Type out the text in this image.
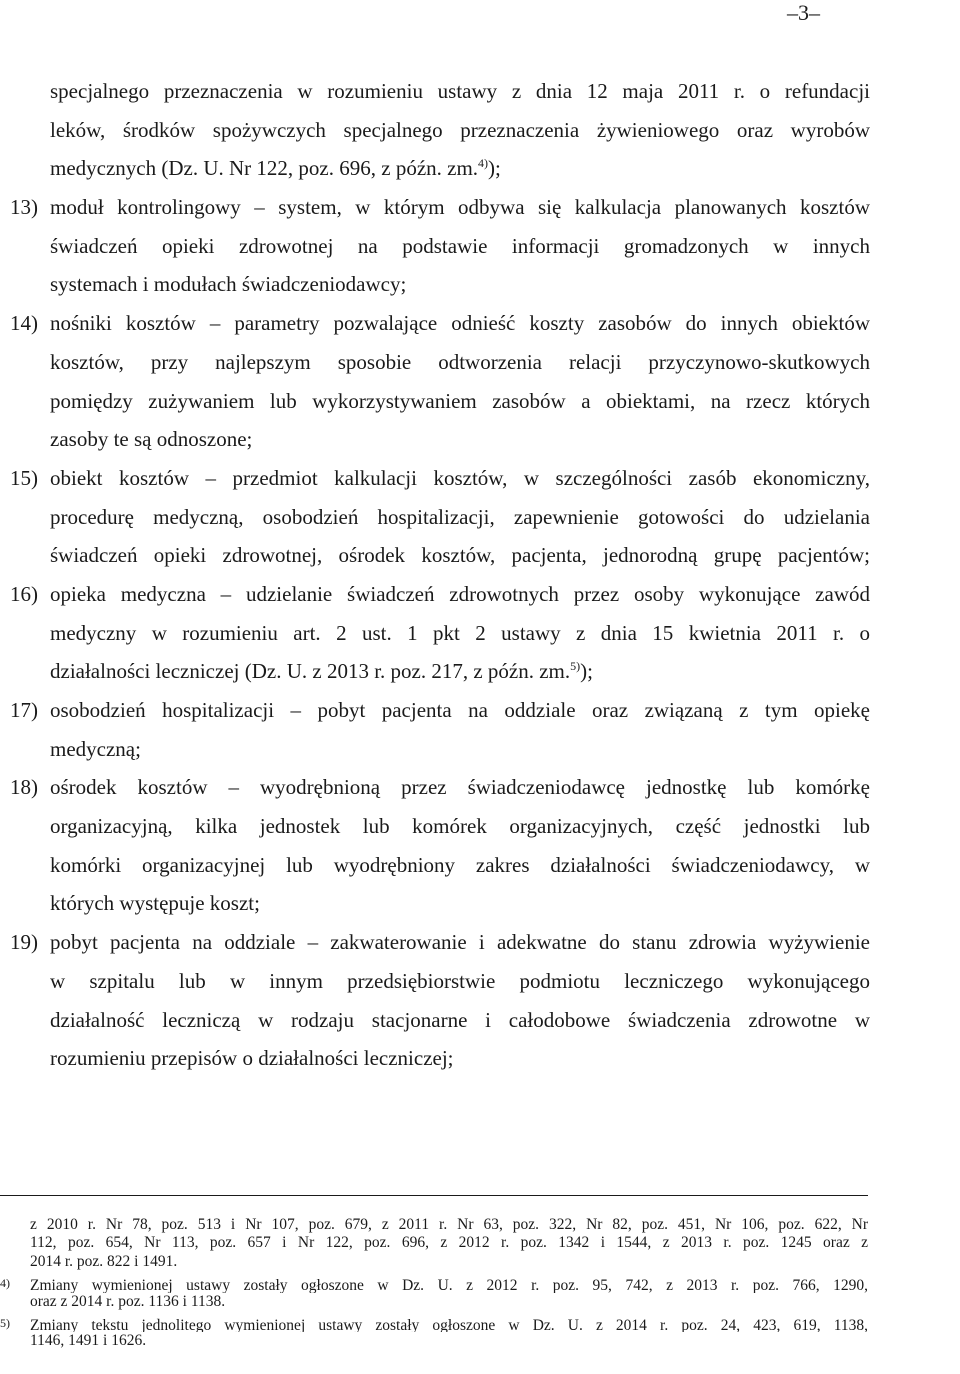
–3–
specjalnego przeznaczenia w rozumieniu ustawy z dnia 12 maja 2011 r. o refundacji
leków, środków spożywczych specjalnego przeznaczenia żywieniowego oraz wyrobów
medycznych (Dz. U. Nr 122, poz. 696, z późn. zm.$^{4)}$);
13) moduł kontrolingowy – system, w którym odbywa się kalkulacja planowanych kosztów
świadczeń opieki zdrowotnej na podstawie informacji gromadzonych w innych
systemach i modułach świadczeniodawcy;
14) nośniki kosztów – parametry pozwalające odnieść koszty zasobów do innych obiektów
kosztów, przy najlepszym sposobie odtworzenia relacji przyczynowo-skutkowych
pomiędzy zużywaniem lub wykorzystywaniem zasobów a obiektami, na rzecz których
zasoby te są odnoszone;
15) obiekt kosztów – przedmiot kalkulacji kosztów, w szczególności zasób ekonomiczny,
procedurę medyczną, osobodzień hospitalizacji, zapewnienie gotowości do udzielania
świadczeń opieki zdrowotnej, ośrodek kosztów, pacjenta, jednorodną grupę pacjentów;
16) opieka medyczna – udzielanie świadczeń zdrowotnych przez osoby wykonujące zawód
medyczny w rozumieniu art. 2 ust. 1 pkt 2 ustawy z dnia 15 kwietnia 2011 r. o
działalności leczniczej (Dz. U. z 2013 r. poz. 217, z późn. zm.$^{5)}$);
17) osobodzień hospitalizacji – pobyt pacjenta na oddziale oraz związaną z tym opiekę
medyczną;
18) ośrodek kosztów – wyodrębnioną przez świadczeniodawcę jednostkę lub komórkę
organizacyjną, kilka jednostek lub komórek organizacyjnych, część jednostki lub
komórki organizacyjnej lub wyodrębniony zakres działalności świadczeniodawcy, w
których występuje koszt;
19) pobyt pacjenta na oddziale – zakwaterowanie i adekwatne do stanu zdrowia wyżywienie
w szpitalu lub w innym przedsiębiorstwie podmiotu leczniczego wykonującego
działalność leczniczą w rodzaju stacjonarne i całodobowe świadczenia zdrowotne w
rozumieniu przepisów o działalności leczniczej;
z 2010 r. Nr 78, poz. 513 i Nr 107, poz. 679, z 2011 r. Nr 63, poz. 322, Nr 82, poz. 451, Nr 106, poz. 622, Nr
112, poz. 654, Nr 113, poz. 657 i Nr 122, poz. 696, z 2012 r. poz. 1342 i 1544, z 2013 r. poz. 1245 oraz z
2014 r. poz. 822 i 1491.
4) Zmiany wymienionej ustawy zostały ogłoszone w Dz. U. z 2012 r. poz. 95, 742, z 2013 r. poz. 766, 1290,
oraz z 2014 r. poz. 1136 i 1138.
5) Zmiany tekstu jednolitego wymienionej ustawy zostały ogłoszone w Dz. U. z 2014 r. poz. 24, 423, 619, 1138,
1146, 1491 i 1626.
